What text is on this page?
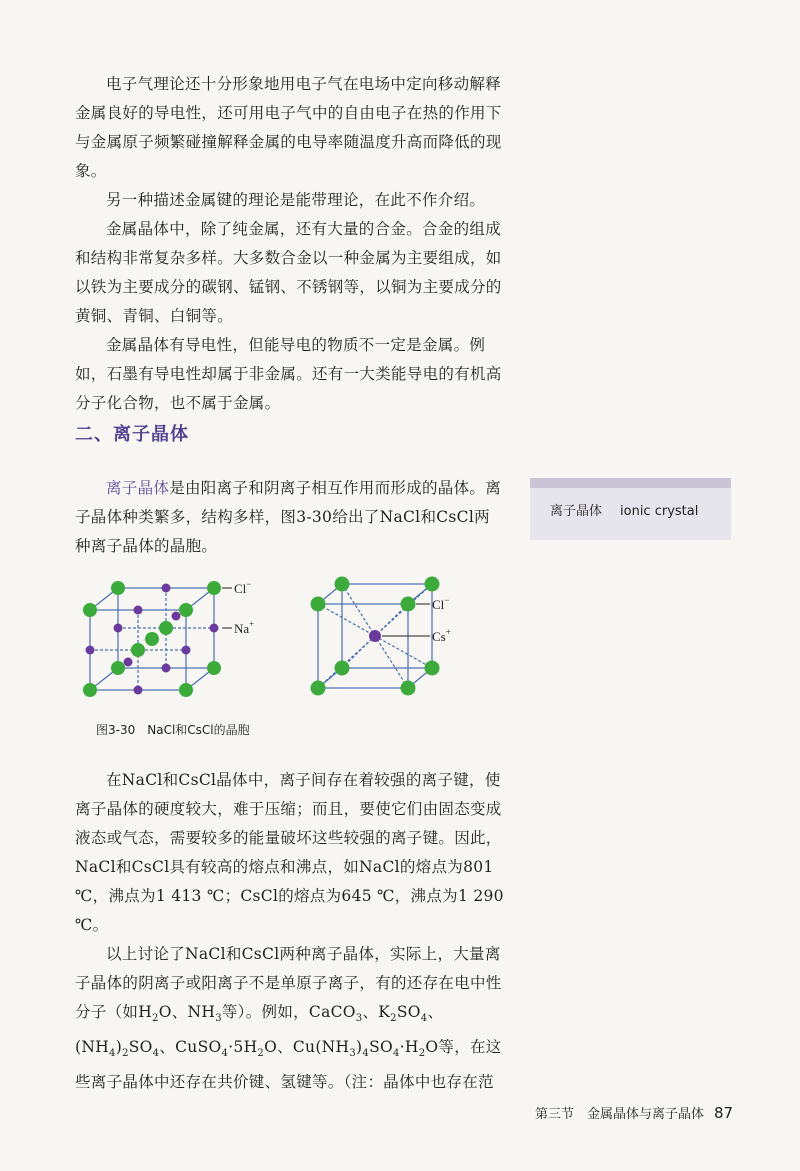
电子气理论还十分形象地用电子气在电场中定向移动解释金属良好的导电性，还可用电子气中的自由电子在热的作用下与金属原子频繁碰撞解释金属的电导率随温度升高而降低的现象。

另一种描述金属键的理论是能带理论，在此不作介绍。

金属晶体中，除了纯金属，还有大量的合金。合金的组成和结构非常复杂多样。大多数合金以一种金属为主要组成，如以铁为主要成分的碳钢、锰钢、不锈钢等，以铜为主要成分的黄铜、青铜、白铜等。

金属晶体有导电性，但能导电的物质不一定是金属。例如，石墨有导电性却属于非金属。还有一大类能导电的有机高分子化合物，也不属于金属。

二、离子晶体

离子晶体是由阳离子和阴离子相互作用而形成的晶体。离子晶体种类繁多，结构多样，图3-30给出了NaCl和CsCl两种离子晶体的晶胞。

离子晶体 ionic crystal
Cl−
Na+
Cl−
Cs+
图3-30　NaCl和CsCl的晶胞

在NaCl和CsCl晶体中，离子间存在着较强的离子键，使离子晶体的硬度较大，难于压缩；而且，要使它们由固态变成液态或气态，需要较多的能量破坏这些较强的离子键。因此，NaCl和CsCl具有较高的熔点和沸点，如NaCl的熔点为801 ℃，沸点为1 413 ℃；CsCl的熔点为645 ℃，沸点为1 290 ℃。

以上讨论了NaCl和CsCl两种离子晶体，实际上，大量离子晶体的阴离子或阳离子不是单原子离子，有的还存在电中性分子（如$H_2O$、$NH_3$等）。例如，CaCO$_3$、$K_2SO_4$、$(NH_4)_2SO_4$、$CuSO_4\cdot 5H_2O$、$Cu(NH_3)_4SO_4\cdot H_2O$等，在这些离子晶体中还存在共价键、氢键等。（注：晶体中也存在范

第三节　金属晶体与离子晶体 87
